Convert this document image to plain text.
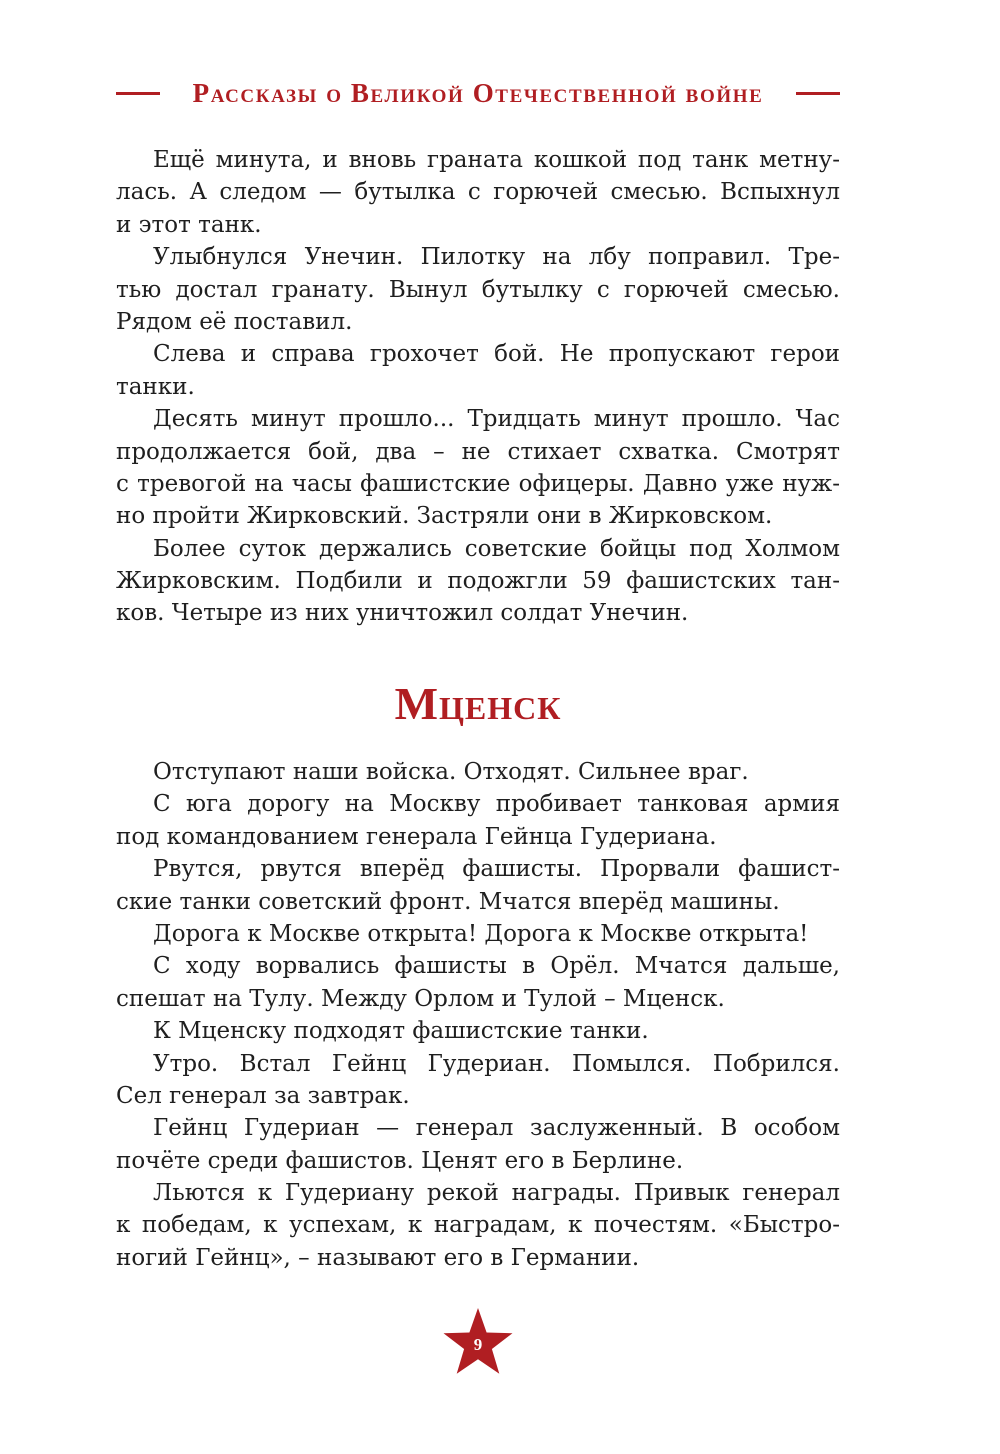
Рассказы о Великой Отечественной войне
Ещё минута, и вновь граната кошкой под танк метну-
лась. А следом — бутылка с горючей смесью. Вспыхнул
и этот танк.
Улыбнулся Унечин. Пилотку на лбу поправил. Тре-
тью достал гранату. Вынул бутылку с горючей смесью.
Рядом её поставил.
Слева и справа грохочет бой. Не пропускают герои
танки.
Десять минут прошло... Тридцать минут прошло. Час
продолжается бой, два – не стихает схватка. Смотрят
с тревогой на часы фашистские офицеры. Давно уже нуж-
но пройти Жирковский. Застряли они в Жирковском.
Более суток держались советские бойцы под Холмом
Жирковским. Подбили и подожгли 59 фашистских тан-
ков. Четыре из них уничтожил солдат Унечин.
Мценск
Отступают наши войска. Отходят. Сильнее враг.
С юга дорогу на Москву пробивает танковая армия
под командованием генерала Гейнца Гудериана.
Рвутся, рвутся вперёд фашисты. Прорвали фашист-
ские танки советский фронт. Мчатся вперёд машины.
Дорога к Москве открыта! Дорога к Москве открыта!
С ходу ворвались фашисты в Орёл. Мчатся дальше,
спешат на Тулу. Между Орлом и Тулой – Мценск.
К Мценску подходят фашистские танки.
Утро. Встал Гейнц Гудериан. Помылся. Побрился.
Сел генерал за завтрак.
Гейнц Гудериан — генерал заслуженный. В особом
почёте среди фашистов. Ценят его в Берлине.
Льются к Гудериану рекой награды. Привык генерал
к победам, к успехам, к наградам, к почестям. «Быстро-
ногий Гейнц», – называют его в Германии.
9
